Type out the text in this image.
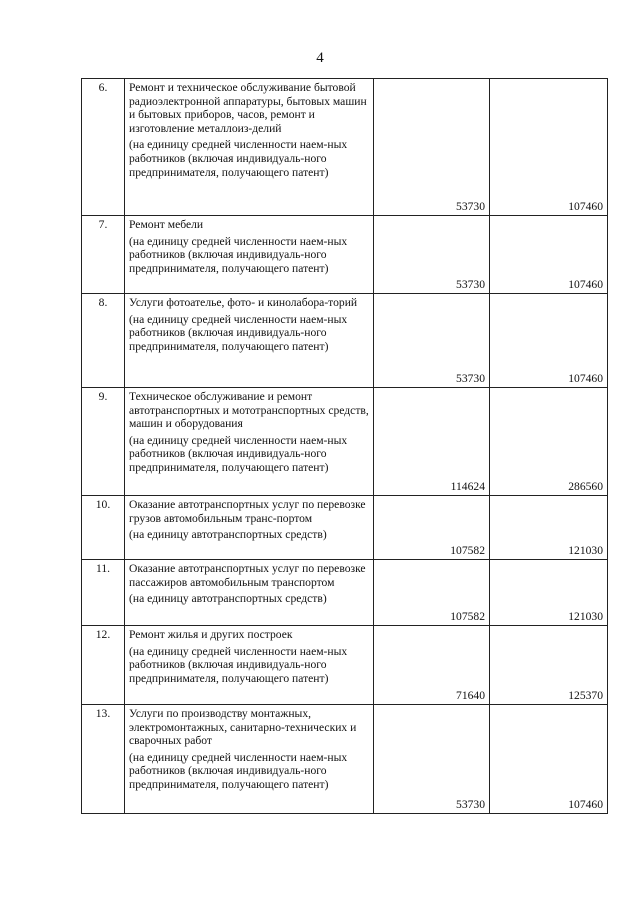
4
6.	Ремонт и техническое обслуживание бытовой радиоэлектронной аппаратуры, бытовых машин и бытовых приборов, часов, ремонт и изготовление металлоиз-делий
(на единицу средней численности наем-ных работников (включая индивидуаль-ного предпринимателя, получающего патент)	53730	107460
7.	Ремонт мебели
(на единицу средней численности наем-ных работников (включая индивидуаль-ного предпринимателя, получающего патент)	53730	107460
8.	Услуги фотоателье, фото- и кинолабора-торий
(на единицу средней численности наем-ных работников (включая индивидуаль-ного предпринимателя, получающего патент)	53730	107460
9.	Техническое обслуживание и ремонт автотранспортных и мототранспортных средств, машин и оборудования
(на единицу средней численности наем-ных работников (включая индивидуаль-ного предпринимателя, получающего патент)	114624	286560
10.	Оказание автотранспортных услуг по перевозке грузов автомобильным транс-портом
(на единицу автотранспортных средств)	107582	121030
11.	Оказание автотранспортных услуг по перевозке пассажиров автомобильным транспортом
(на единицу автотранспортных средств)	107582	121030
12.	Ремонт жилья и других построек
(на единицу средней численности наем-ных работников (включая индивидуаль-ного предпринимателя, получающего патент)	71640	125370
13.	Услуги по производству монтажных, электромонтажных, санитарно-технических и сварочных работ
(на единицу средней численности наем-ных работников (включая индивидуаль-ного предпринимателя, получающего патент)	53730	107460
